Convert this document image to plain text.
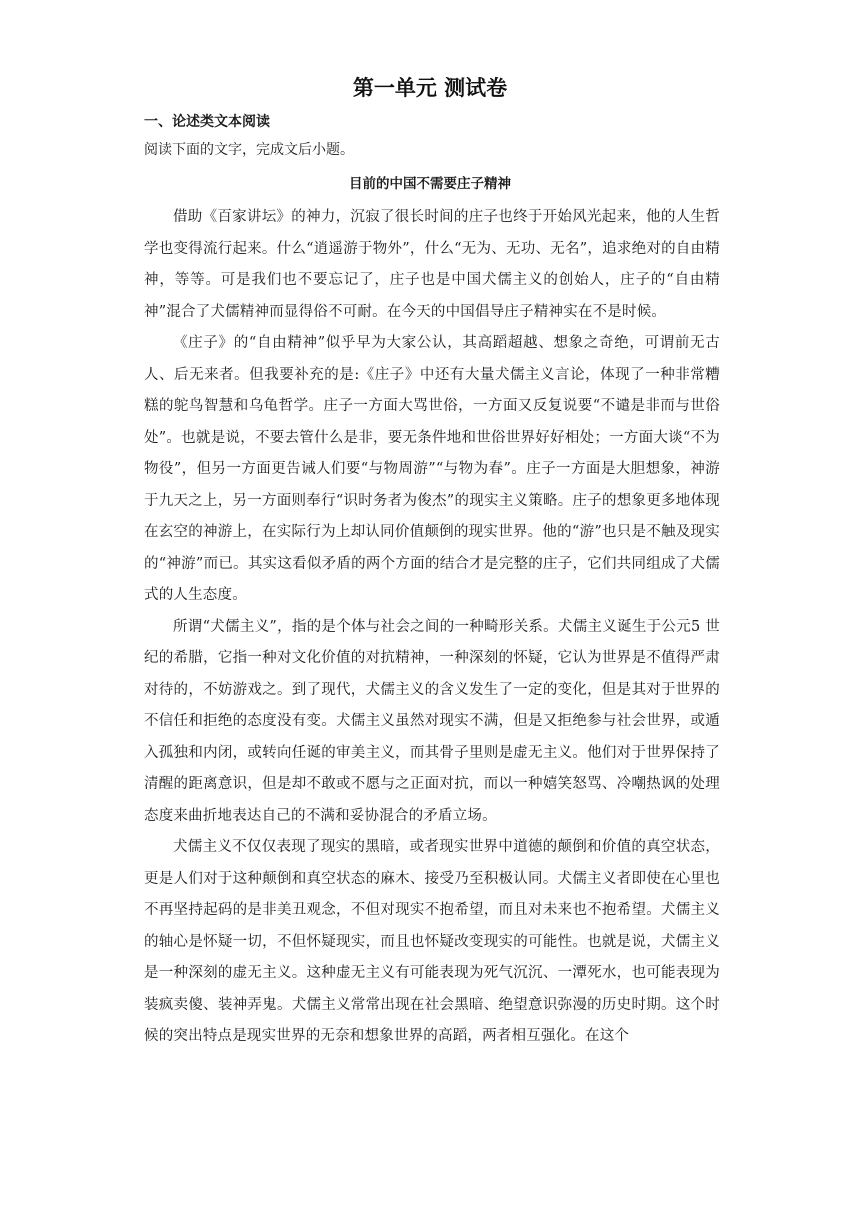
第一单元 测试卷
一、论述类文本阅读
阅读下面的文字，完成文后小题。
目前的中国不需要庄子精神

借助《百家讲坛》的神力，沉寂了很长时间的庄子也终于开始风光起来，他的人生哲学也变得流行起来。什么“逍遥游于物外”，什么“无为、无功、无名”，追求绝对的自由精神，等等。可是我们也不要忘记了，庄子也是中国犬儒主义的创始人，庄子的“自由精神”混合了犬儒精神而显得俗不可耐。在今天的中国倡导庄子精神实在不是时候。

《庄子》的“自由精神”似乎早为大家公认，其高蹈超越、想象之奇绝，可谓前无古人、后无来者。但我要补充的是:《庄子》中还有大量犬儒主义言论，体现了一种非常糟糕的鸵鸟智慧和乌龟哲学。庄子一方面大骂世俗，一方面又反复说要“不谴是非而与世俗处”。也就是说，不要去管什么是非，要无条件地和世俗世界好好相处；一方面大谈“不为物役”，但另一方面更告诫人们要“与物周游”“与物为春”。庄子一方面是大胆想象，神游于九天之上，另一方面则奉行“识时务者为俊杰”的现实主义策略。庄子的想象更多地体现在玄空的神游上，在实际行为上却认同价值颠倒的现实世界。他的“游”也只是不触及现实的“神游”而已。其实这看似矛盾的两个方面的结合才是完整的庄子，它们共同组成了犬儒式的人生态度。

所谓“犬儒主义”，指的是个体与社会之间的一种畸形关系。犬儒主义诞生于公元5 世纪的希腊，它指一种对文化价值的对抗精神，一种深刻的怀疑，它认为世界是不值得严肃对待的，不妨游戏之。到了现代，犬儒主义的含义发生了一定的变化，但是其对于世界的不信任和拒绝的态度没有变。犬儒主义虽然对现实不满，但是又拒绝参与社会世界，或遁入孤独和内闭，或转向任诞的审美主义，而其骨子里则是虚无主义。他们对于世界保持了清醒的距离意识，但是却不敢或不愿与之正面对抗，而以一种嬉笑怒骂、冷嘲热讽的处理态度来曲折地表达自己的不满和妥协混合的矛盾立场。

犬儒主义不仅仅表现了现实的黑暗，或者现实世界中道德的颠倒和价值的真空状态，更是人们对于这种颠倒和真空状态的麻木、接受乃至积极认同。犬儒主义者即使在心里也不再坚持起码的是非美丑观念，不但对现实不抱希望，而且对未来也不抱希望。犬儒主义的轴心是怀疑一切，不但怀疑现实，而且也怀疑改变现实的可能性。也就是说，犬儒主义是一种深刻的虚无主义。这种虚无主义有可能表现为死气沉沉、一潭死水，也可能表现为装疯卖傻、装神弄鬼。犬儒主义常常出现在社会黑暗、绝望意识弥漫的历史时期。这个时候的突出特点是现实世界的无奈和想象世界的高蹈，两者相互强化。在这个
